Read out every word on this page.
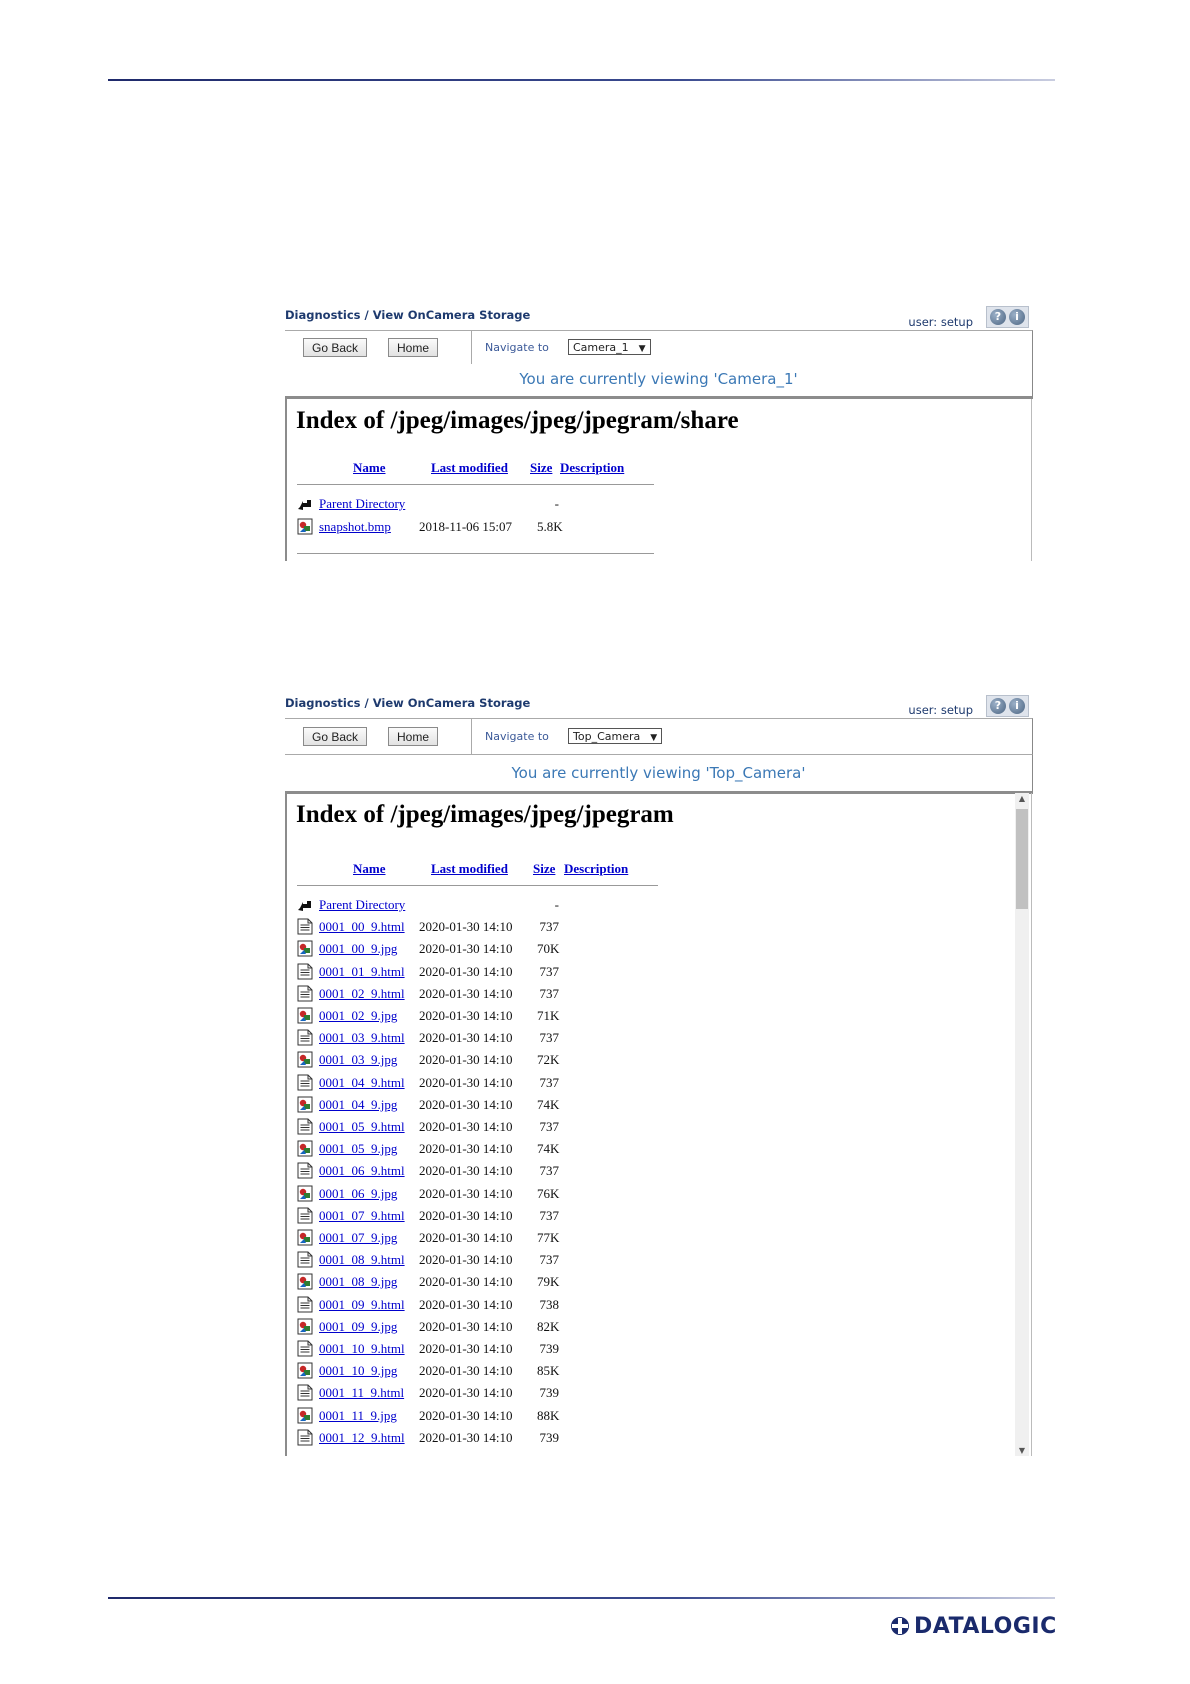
Diagnostics / View OnCamera Storage	user: setup	?	i
Go Back	Home	Navigate to	Camera_1 ▼
You are currently viewing 'Camera_1'
Index of /jpeg/images/jpeg/jpegram/share
Name	Last modified Size Description
Parent Directory	-
snapshot.bmp 2018-11-06 15:07 5.8K
Diagnostics / View OnCamera Storage	user: setup	?	i
Go Back	Home	Navigate to	Top_Camera ▼
You are currently viewing 'Top_Camera'
Index of /jpeg/images/jpeg/jpegram
Name	Last modified Size Description
Parent Directory	-
0001_00_9.html 2020-01-30 14:10 737
0001_00_9.jpg 2020-01-30 14:10 70K
0001_01_9.html 2020-01-30 14:10 737
0001_02_9.html 2020-01-30 14:10 737
0001_02_9.jpg 2020-01-30 14:10 71K
0001_03_9.html 2020-01-30 14:10 737
0001_03_9.jpg 2020-01-30 14:10 72K
0001_04_9.html 2020-01-30 14:10 737
0001_04_9.jpg 2020-01-30 14:10 74K
0001_05_9.html 2020-01-30 14:10 737
0001_05_9.jpg 2020-01-30 14:10 74K
0001_06_9.html 2020-01-30 14:10 737
0001_06_9.jpg 2020-01-30 14:10 76K
0001_07_9.html 2020-01-30 14:10 737
0001_07_9.jpg 2020-01-30 14:10 77K
0001_08_9.html 2020-01-30 14:10 737
0001_08_9.jpg 2020-01-30 14:10 79K
0001_09_9.html 2020-01-30 14:10 738
0001_09_9.jpg 2020-01-30 14:10 82K
0001_10_9.html 2020-01-30 14:10 739
0001_10_9.jpg 2020-01-30 14:10 85K
0001_11_9.html 2020-01-30 14:10 739
0001_11_9.jpg 2020-01-30 14:10 88K
0001_12_9.html 2020-01-30 14:10 739
▲
▼
DATALOGIC
